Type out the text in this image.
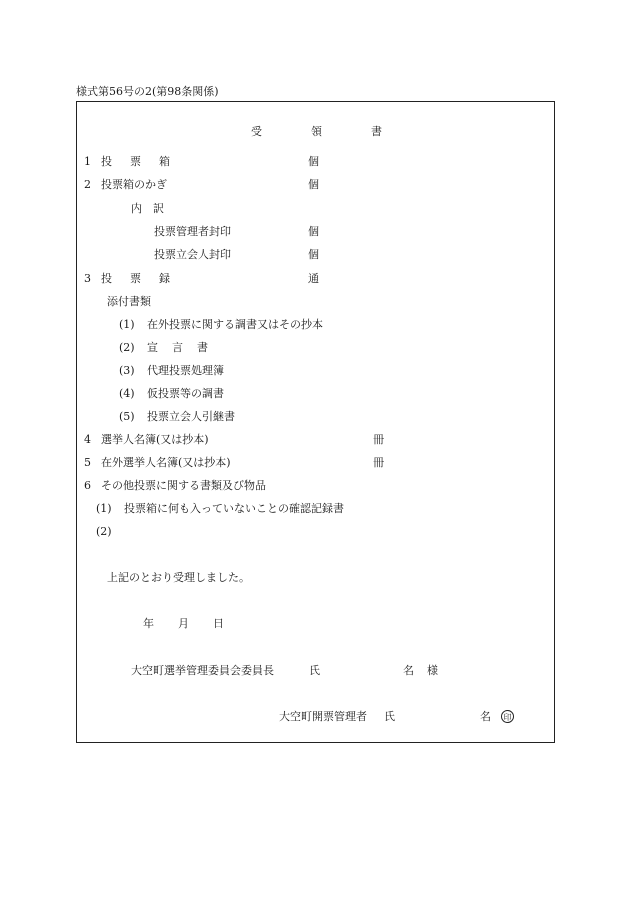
様式第56号の2(第98条関係)
受	領	書
1 投 票 箱	個
2 投票箱のかぎ	個
内 訳
投票管理者封印	個
投票立会人封印	個
3 投 票 録	通
添付書類
(1) 在外投票に関する調書又はその抄本
(2) 宣 言 書
(3) 代理投票処理簿
(4) 仮投票等の調書
(5) 投票立会人引継書
4 選挙人名簿(又は抄本)	冊
5 在外選挙人名簿(又は抄本)	冊
6 その他投票に関する書類及び物品
(1) 投票箱に何も入っていないことの確認記録書
(2)
上記のとおり受理しました。
年 月 日
大空町選挙管理委員会委員長	氏	名 様
大空町開票管理者 氏	名	印
